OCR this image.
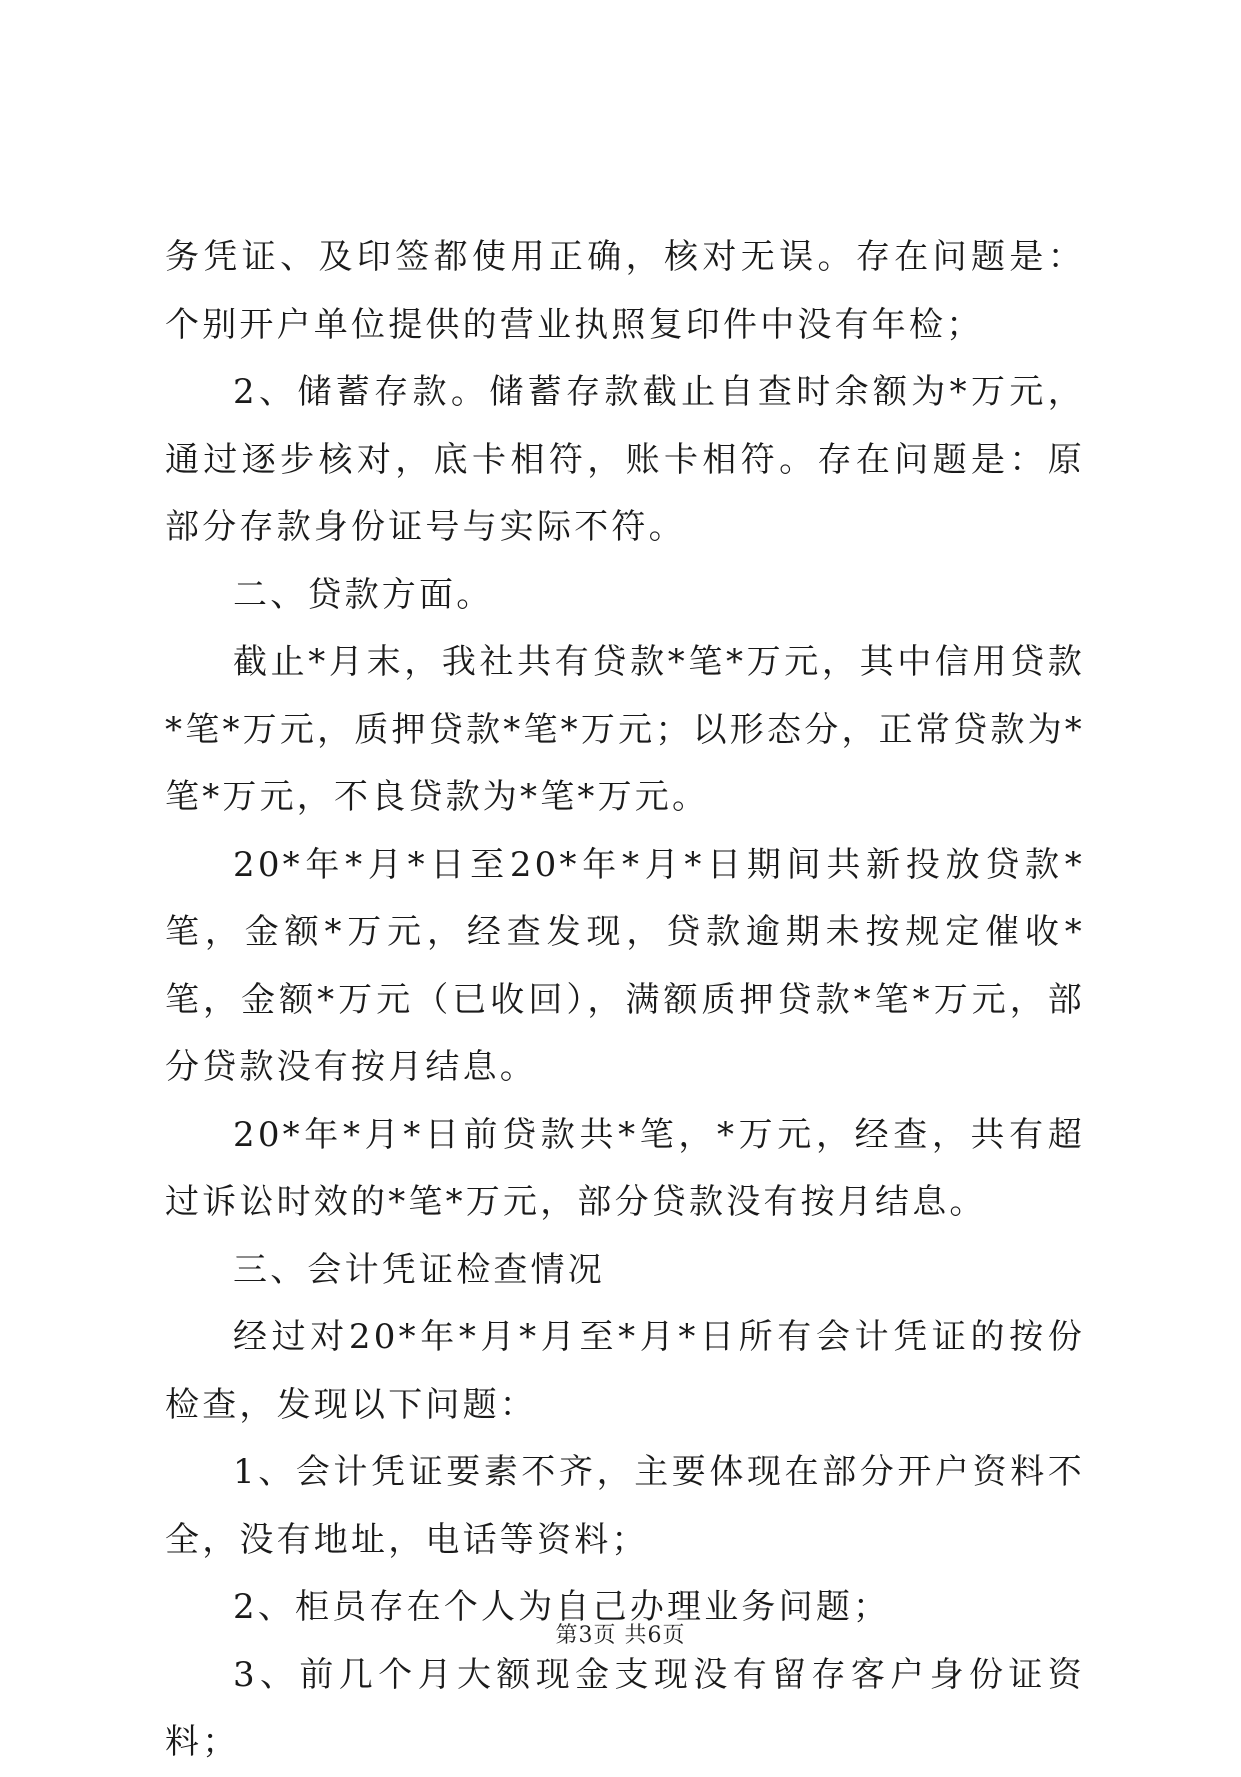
务凭证、及印签都使用正确，核对无误。存在问题是：个别开户单位提供的营业执照复印件中没有年检；

2、储蓄存款。储蓄存款截止自查时余额为*万元，通过逐步核对，底卡相符，账卡相符。存在问题是：原部分存款身份证号与实际不符。

二、贷款方面。

截止*月末，我社共有贷款*笔*万元，其中信用贷款*笔*万元，质押贷款*笔*万元；以形态分，正常贷款为*笔*万元，不良贷款为*笔*万元。

20*年*月*日至20*年*月*日期间共新投放贷款*笔，金额*万元，经查发现，贷款逾期未按规定催收*笔，金额*万元（已收回），满额质押贷款*笔*万元，部分贷款没有按月结息。

20*年*月*日前贷款共*笔，*万元，经查，共有超过诉讼时效的*笔*万元，部分贷款没有按月结息。

三、会计凭证检查情况

经过对20*年*月*月至*月*日所有会计凭证的按份检查，发现以下问题：

1、会计凭证要素不齐，主要体现在部分开户资料不全，没有地址，电话等资料；

2、柜员存在个人为自己办理业务问题；

3、前几个月大额现金支现没有留存客户身份证资料；

第3页 共6页
